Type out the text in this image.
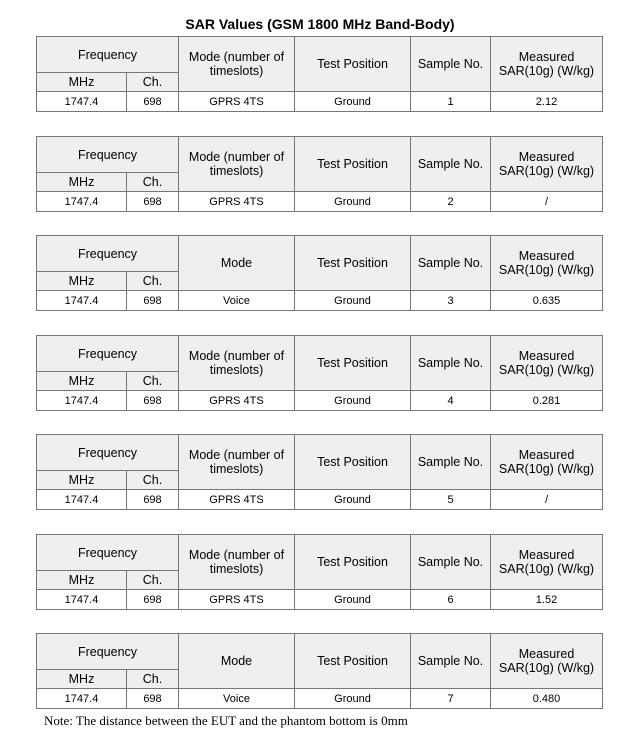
SAR Values (GSM 1800 MHz Band-Body)
Frequency		Mode (number of timeslots)	Test Position	Sample No.	Measured SAR(10g) (W/kg)
MHz	Ch.				
1747.4	698	GPRS 4TS	Ground	1	2.12
Frequency		Mode (number of timeslots)	Test Position	Sample No.	Measured SAR(10g) (W/kg)
MHz	Ch.				
1747.4	698	GPRS 4TS	Ground	2	/
Frequency		Mode	Test Position	Sample No.	Measured SAR(10g) (W/kg)
MHz	Ch.				
1747.4	698	Voice	Ground	3	0.635
Frequency		Mode (number of timeslots)	Test Position	Sample No.	Measured SAR(10g) (W/kg)
MHz	Ch.				
1747.4	698	GPRS 4TS	Ground	4	0.281
Frequency		Mode (number of timeslots)	Test Position	Sample No.	Measured SAR(10g) (W/kg)
MHz	Ch.				
1747.4	698	GPRS 4TS	Ground	5	/
Frequency		Mode (number of timeslots)	Test Position	Sample No.	Measured SAR(10g) (W/kg)
MHz	Ch.				
1747.4	698	GPRS 4TS	Ground	6	1.52
Frequency		Mode	Test Position	Sample No.	Measured SAR(10g) (W/kg)
MHz	Ch.				
1747.4	698	Voice	Ground	7	0.480
Note: The distance between the EUT and the phantom bottom is 0mm
